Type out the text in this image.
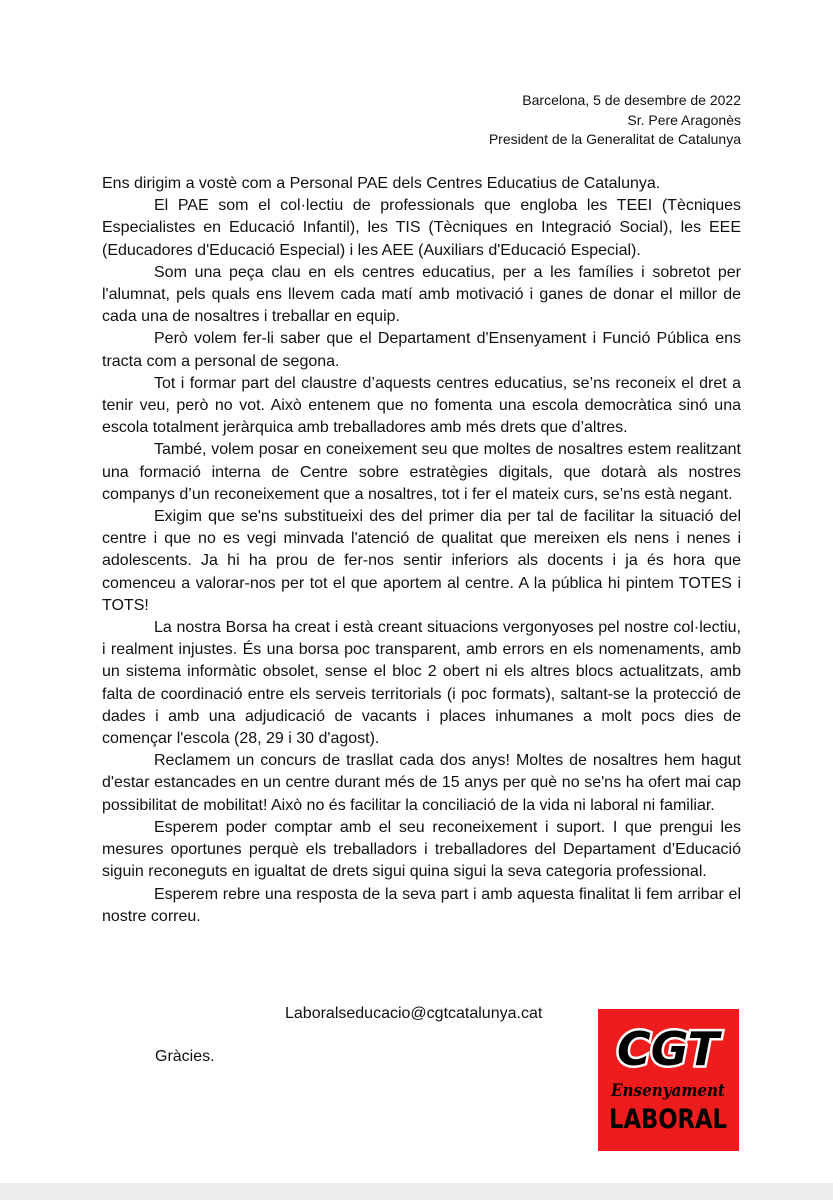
Barcelona, 5 de desembre de 2022
Sr. Pere Aragonès
President de la Generalitat de Catalunya

Ens dirigim a vostè com a Personal PAE dels Centres Educatius de Catalunya.

El PAE som el col·lectiu de professionals que engloba les TEEI (Tècniques Especialistes en Educació Infantil), les TIS (Tècniques en Integració Social), les EEE (Educadores d'Educació Especial) i les AEE (Auxiliars d'Educació Especial).

Som una peça clau en els centres educatius, per a les famílies i sobretot per l'alumnat, pels quals ens llevem cada matí amb motivació i ganes de donar el millor de cada una de nosaltres i treballar en equip.

Però volem fer-li saber que el Departament d'Ensenyament i Funció Pública ens tracta com a personal de segona.

Tot i formar part del claustre d’aquests centres educatius, se’ns reconeix el dret a tenir veu, però no vot. Això entenem que no fomenta una escola democràtica sinó una escola totalment jeràrquica amb treballadores amb més drets que d’altres.

També, volem posar en coneixement seu que moltes de nosaltres estem realitzant una formació interna de Centre sobre estratègies digitals, que dotarà als nostres companys d’un reconeixement que a nosaltres, tot i fer el mateix curs, se’ns està negant.

Exigim que se'ns substitueixi des del primer dia per tal de facilitar la situació del centre i que no es vegi minvada l'atenció de qualitat que mereixen els nens i nenes i adolescents. Ja hi ha prou de fer-nos sentir inferiors als docents i ja és hora que comenceu a valorar-nos per tot el que aportem al centre. A la pública hi pintem TOTES i TOTS!

La nostra Borsa ha creat i està creant situacions vergonyoses pel nostre col·lectiu, i realment injustes. És una borsa poc transparent, amb errors en els nomenaments, amb un sistema informàtic obsolet, sense el bloc 2 obert ni els altres blocs actualitzats, amb falta de coordinació entre els serveis territorials (i poc formats), saltant-se la protecció de dades i amb una adjudicació de vacants i places inhumanes a molt pocs dies de començar l'escola (28, 29 i 30 d'agost).

Reclamem un concurs de trasllat cada dos anys! Moltes de nosaltres hem hagut d'estar estancades en un centre durant més de 15 anys per què no se'ns ha ofert mai cap possibilitat de mobilitat! Això no és facilitar la conciliació de la vida ni laboral ni familiar.

Esperem poder comptar amb el seu reconeixement i suport. I que prengui les mesures oportunes perquè els treballadors i treballadores del Departament d’Educació siguin reconeguts en igualtat de drets sigui quina sigui la seva categoria professional.

Esperem rebre una resposta de la seva part i amb aquesta finalitat li fem arribar el nostre correu.

Laboralseducacio@cgtcatalunya.cat
Gràcies.	CGT
Ensenyament
LABORAL
